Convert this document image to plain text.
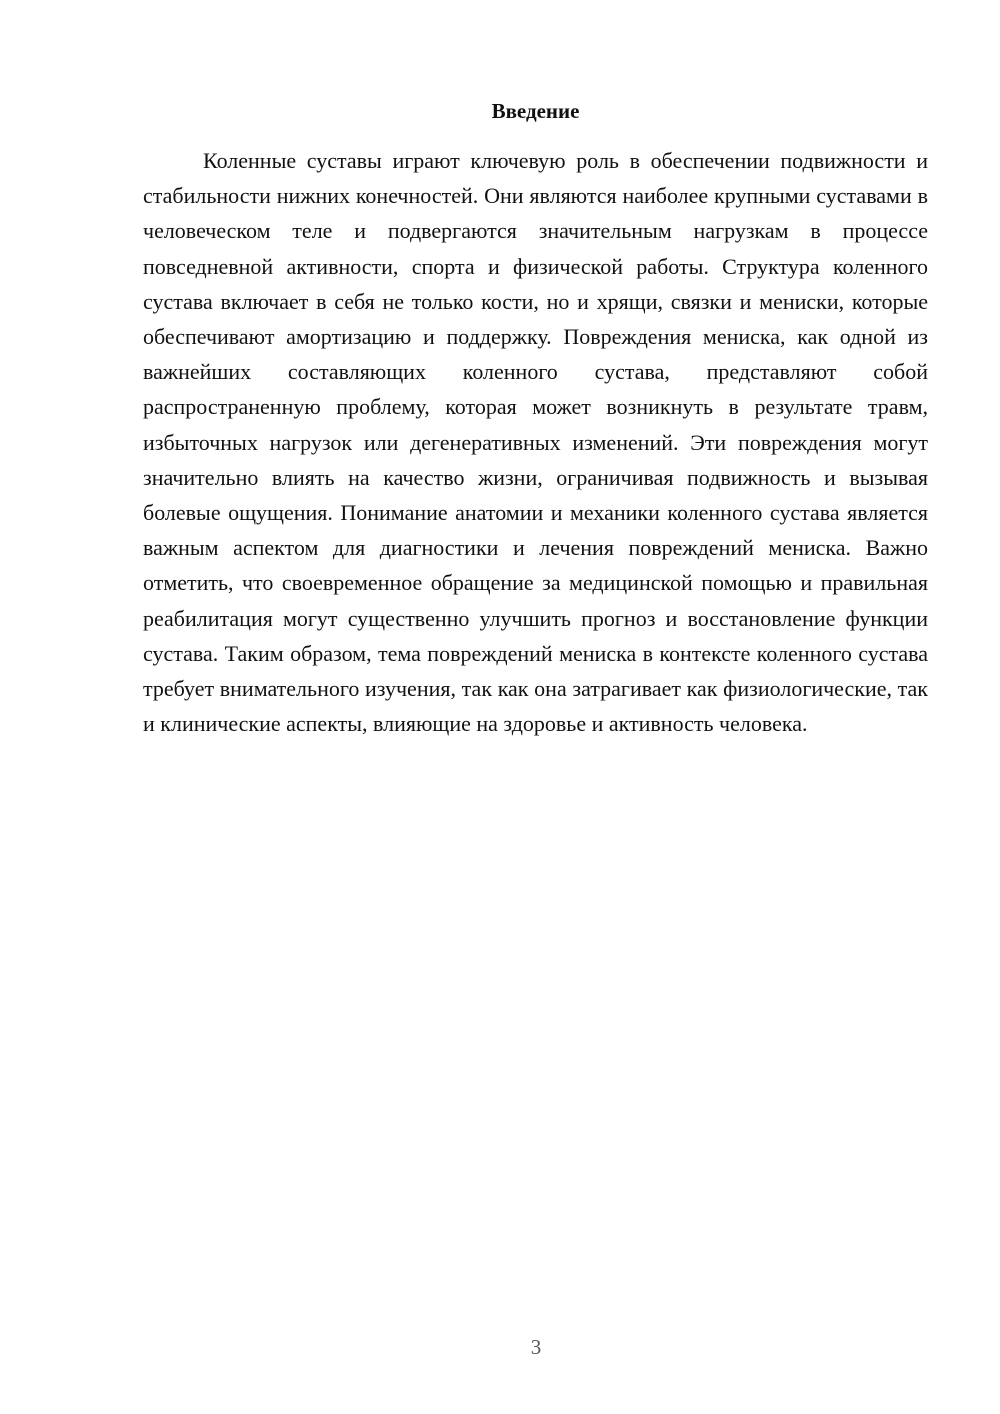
Введение

Коленные суставы играют ключевую роль в обеспечении подвижности и стабильности нижних конечностей. Они являются наиболее крупными суставами в человеческом теле и подвергаются значительным нагрузкам в процессе повседневной активности, спорта и физической работы. Структура коленного сустава включает в себя не только кости, но и хрящи, связки и мениски, которые обеспечивают амортизацию и поддержку. Повреждения мениска, как одной из важнейших составляющих коленного сустава, представляют собой распространенную проблему, которая может возникнуть в результате травм, избыточных нагрузок или дегенеративных изменений. Эти повреждения могут значительно влиять на качество жизни, ограничивая подвижность и вызывая болевые ощущения. Понимание анатомии и механики коленного сустава является важным аспектом для диагностики и лечения повреждений мениска. Важно отметить, что своевременное обращение за медицинской помощью и правильная реабилитация могут существенно улучшить прогноз и восстановление функции сустава. Таким образом, тема повреждений мениска в контексте коленного сустава требует внимательного изучения, так как она затрагивает как физиологические, так и клинические аспекты, влияющие на здоровье и активность человека.

3
